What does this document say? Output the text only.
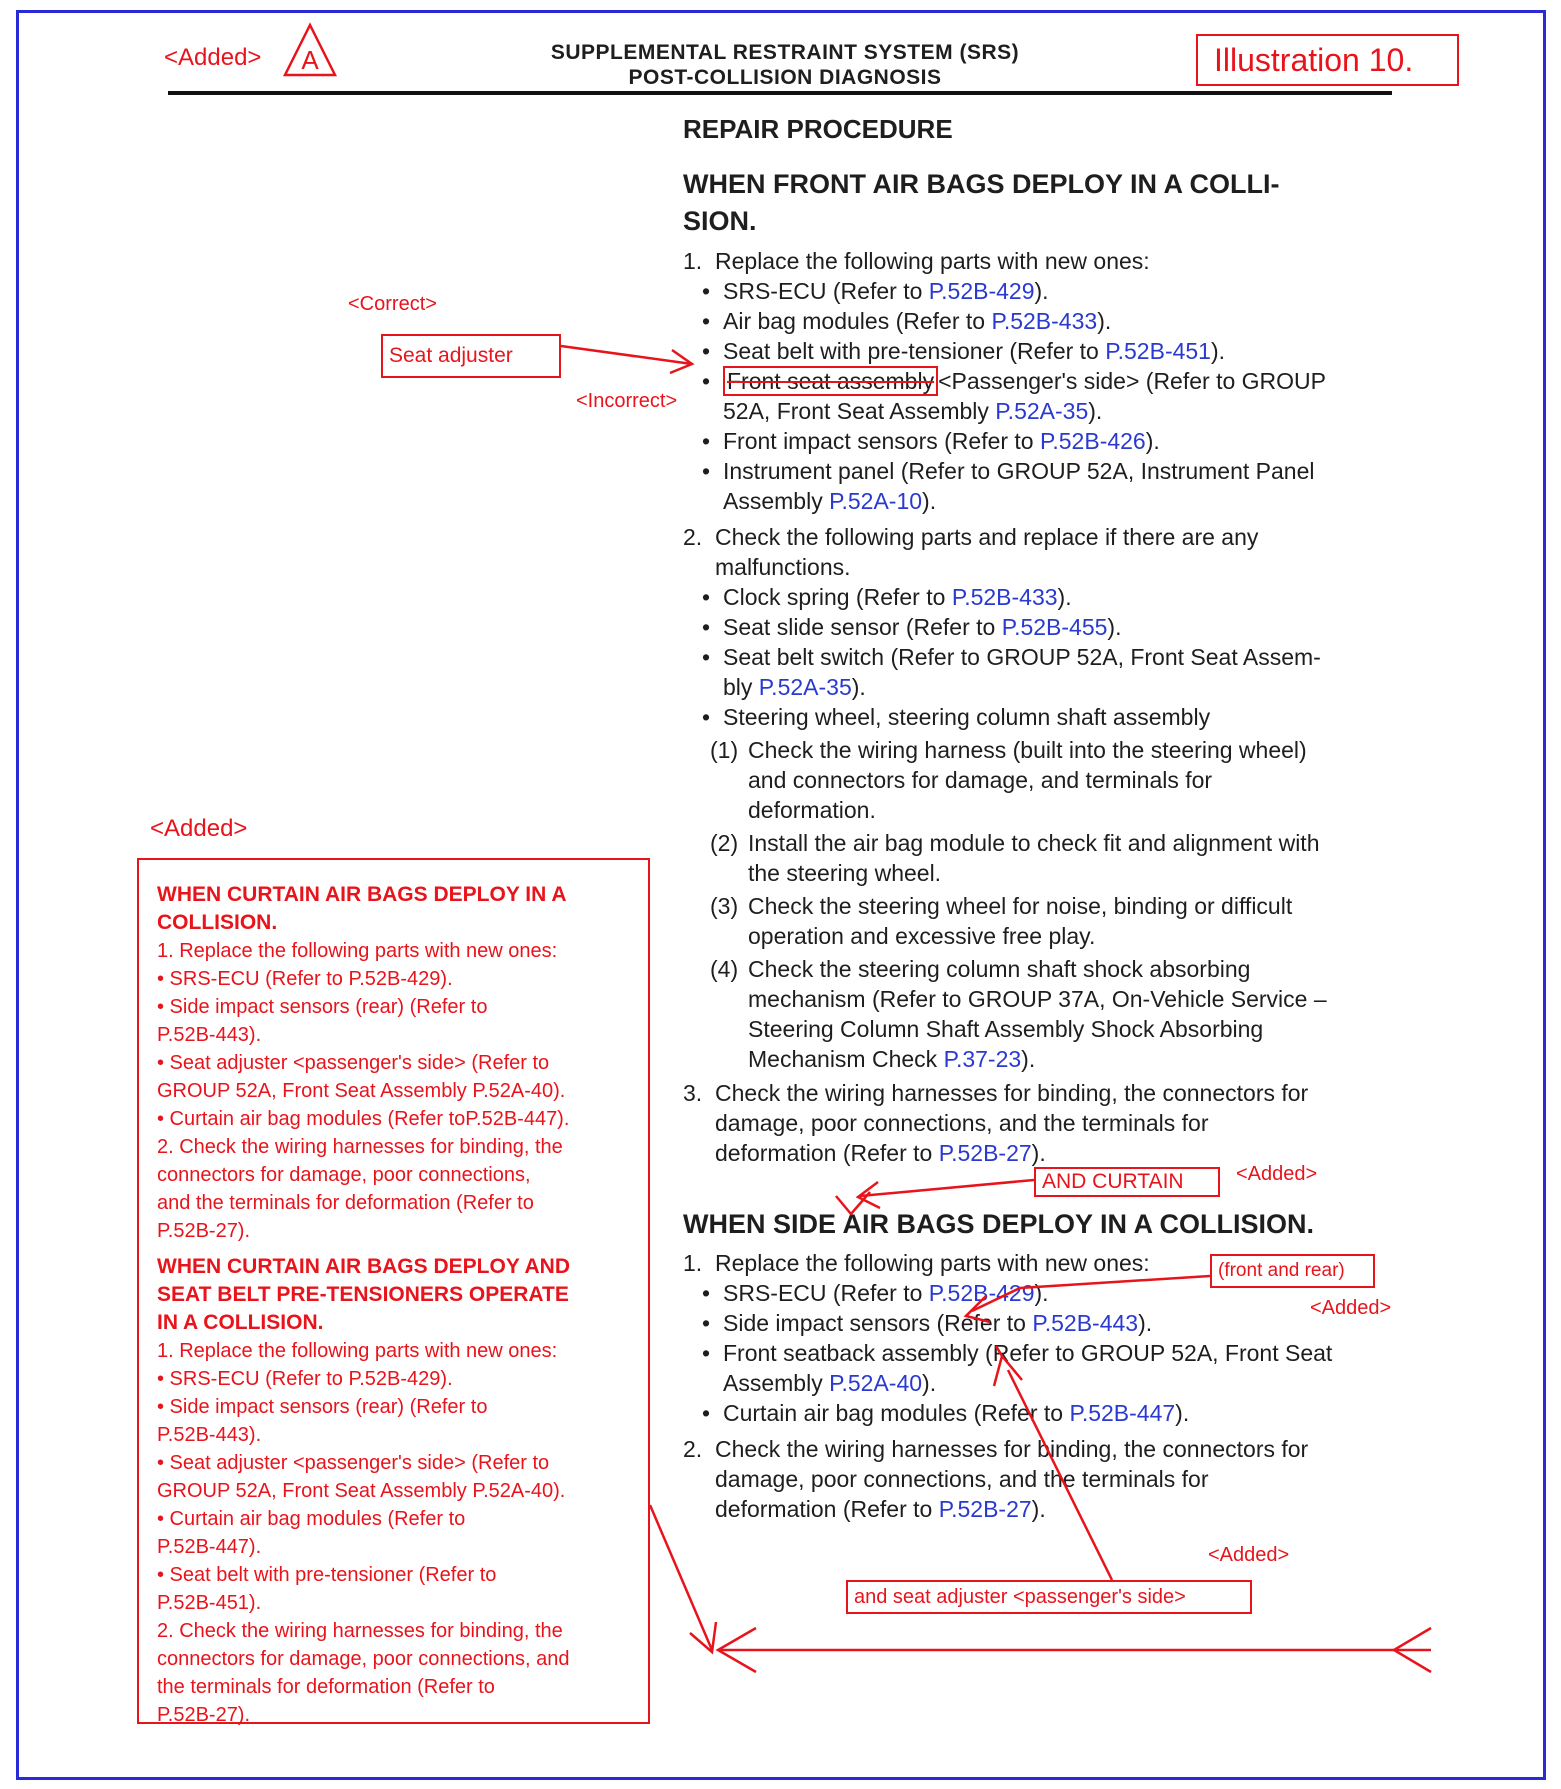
<Added> A	SUPPLEMENTAL RESTRAINT SYSTEM (SRS)
POST-COLLISION DIAGNOSIS	Illustration 10.
REPAIR PROCEDURE
WHEN FRONT AIR BAGS DEPLOY IN A COLLI-
SION.

1. Replace the following parts with new ones:

• SRS-ECU (Refer to P.52B-429).

• Air bag modules (Refer to P.52B-433).

• Seat belt with pre-tensioner (Refer to P.52B-451).

• Front seat assembly <Passenger's side> (Refer to GROUP
52A, Front Seat Assembly P.52A-35).

• Front impact sensors (Refer to P.52B-426).

• Instrument panel (Refer to GROUP 52A, Instrument Panel
Assembly P.52A-10).

2. Check the following parts and replace if there are any
malfunctions.

• Clock spring (Refer to P.52B-433).

• Seat slide sensor (Refer to P.52B-455).

• Seat belt switch (Refer to GROUP 52A, Front Seat Assem-
bly P.52A-35).

• Steering wheel, steering column shaft assembly

(1) Check the wiring harness (built into the steering wheel)
and connectors for damage, and terminals for
deformation.

(2) Install the air bag module to check fit and alignment with
the steering wheel.

(3) Check the steering wheel for noise, binding or difficult
operation and excessive free play.

(4) Check the steering column shaft shock absorbing
mechanism (Refer to GROUP 37A, On-Vehicle Service –
Steering Column Shaft Assembly Shock Absorbing
Mechanism Check P.37-23).

3. Check the wiring harnesses for binding, the connectors for
damage, poor connections, and the terminals for
deformation (Refer to P.52B-27).

WHEN SIDE AIR BAGS DEPLOY IN A COLLISION.

1. Replace the following parts with new ones:

• SRS-ECU (Refer to P.52B-429).

• Side impact sensors (Refer to P.52B-443).

• Front seatback assembly (Refer to GROUP 52A, Front Seat
Assembly P.52A-40).

• Curtain air bag modules (Refer to P.52B-447).

2. Check the wiring harnesses for binding, the connectors for
damage, poor connections, and the terminals for
deformation (Refer to P.52B-27).

<Correct>
Seat adjuster
<Incorrect>
<Added>
AND CURTAIN	<Added>
(front and rear)
<Added>
<Added>
and seat adjuster <passenger's side>

WHEN CURTAIN AIR BAGS DEPLOY IN A

COLLISION.

1. Replace the following parts with new ones:

• SRS-ECU (Refer to P.52B-429).

• Side impact sensors (rear) (Refer to

P.52B-443).

• Seat adjuster <passenger's side> (Refer to

GROUP 52A, Front Seat Assembly P.52A-40).

• Curtain air bag modules (Refer toP.52B-447).

2. Check the wiring harnesses for binding, the

connectors for damage, poor connections,

and the terminals for deformation (Refer to

P.52B-27).

WHEN CURTAIN AIR BAGS DEPLOY AND

SEAT BELT PRE-TENSIONERS OPERATE

IN A COLLISION.

1. Replace the following parts with new ones:

• SRS-ECU (Refer to P.52B-429).

• Side impact sensors (rear) (Refer to

P.52B-443).

• Seat adjuster <passenger's side> (Refer to

GROUP 52A, Front Seat Assembly P.52A-40).

• Curtain air bag modules (Refer to

P.52B-447).

• Seat belt with pre-tensioner (Refer to

P.52B-451).

2. Check the wiring harnesses for binding, the

connectors for damage, poor connections, and

the terminals for deformation (Refer to

P.52B-27).
